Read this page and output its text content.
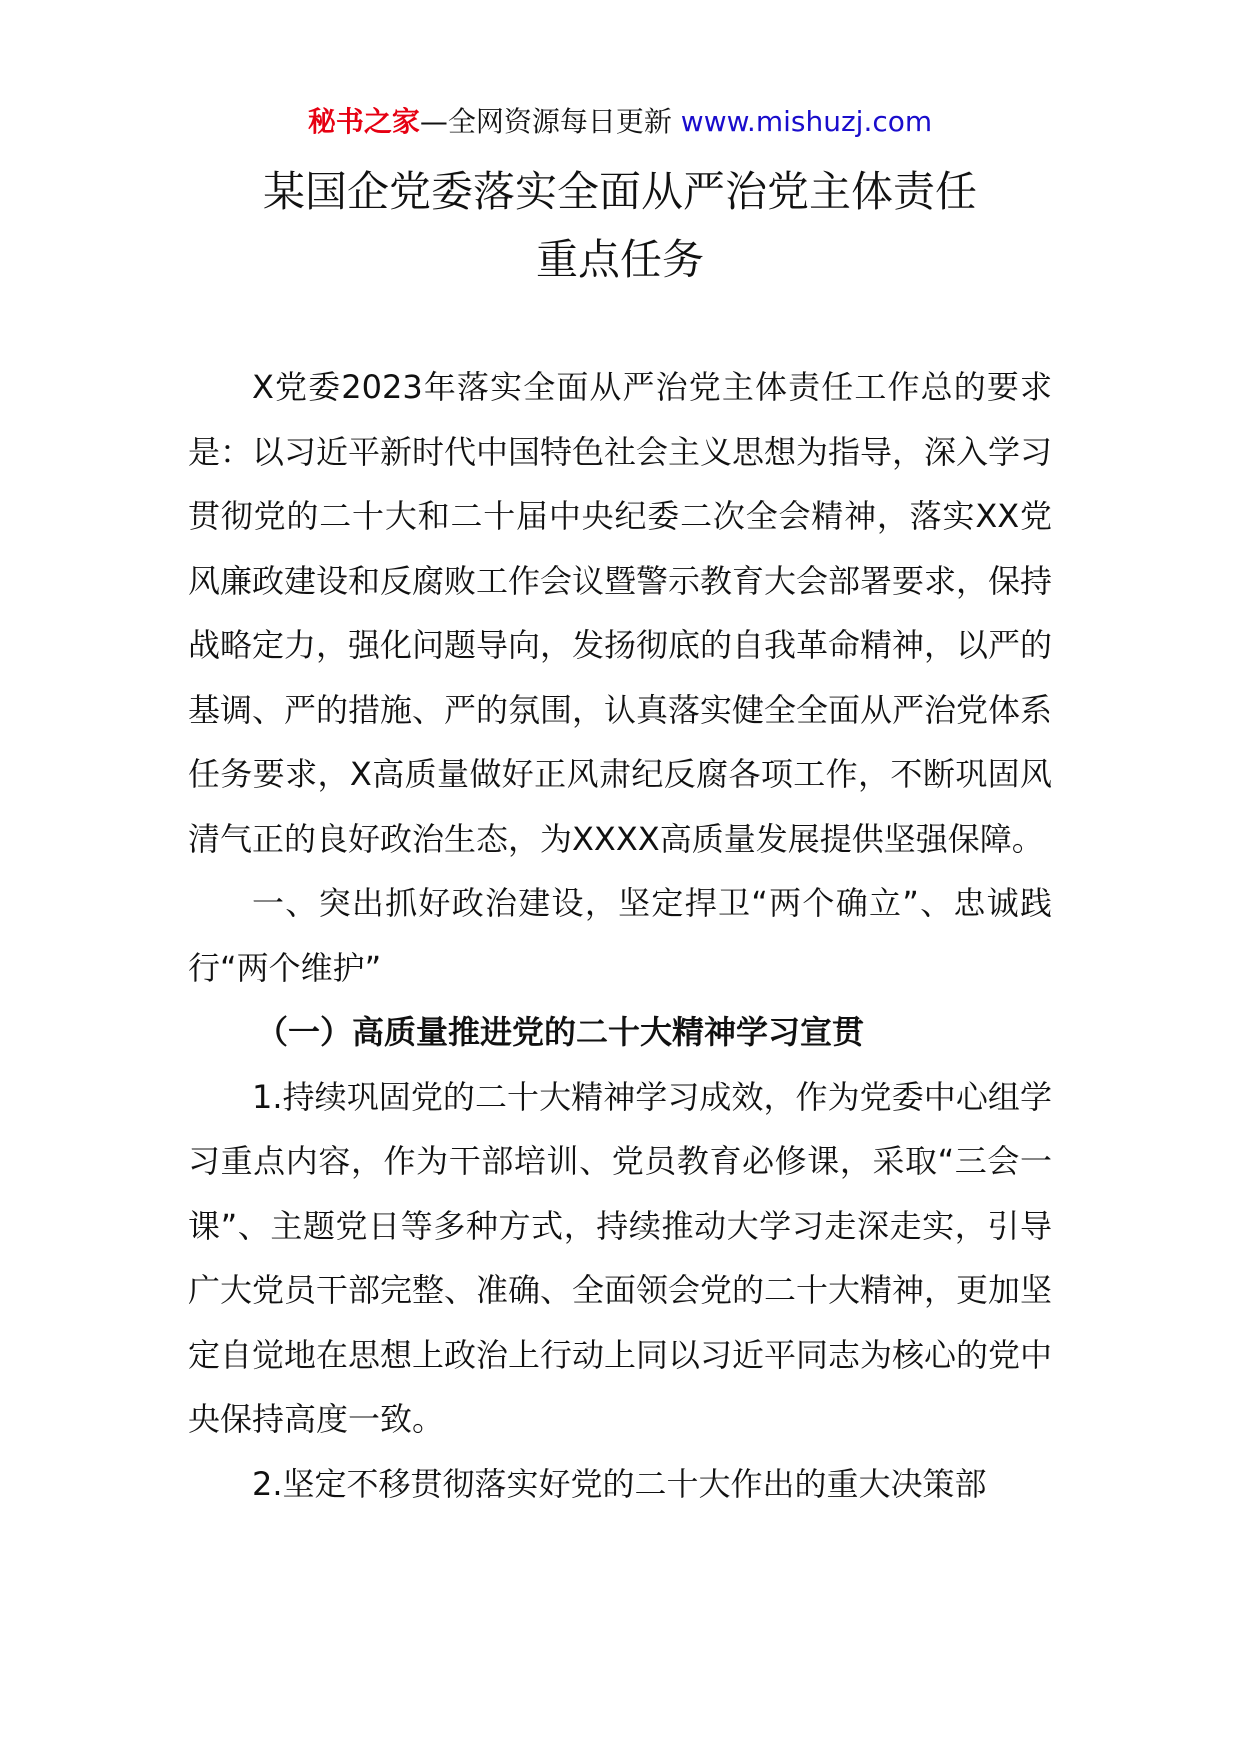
秘书之家—全网资源每日更新 www.mishuzj.com
某国企党委落实全面从严治党主体责任
重点任务

X党委2023年落实全面从严治党主体责任工作总的要求是：以习近平新时代中国特色社会主义思想为指导，深入学习贯彻党的二十大和二十届中央纪委二次全会精神，落实XX党风廉政建设和反腐败工作会议暨警示教育大会部署要求，保持战略定力，强化问题导向，发扬彻底的自我革命精神，以严的基调、严的措施、严的氛围，认真落实健全全面从严治党体系任务要求，X高质量做好正风肃纪反腐各项工作，不断巩固风清气正的良好政治生态，为XXXX高质量发展提供坚强保障。

一、突出抓好政治建设，坚定捍卫“两个确立”、忠诚践行“两个维护”

（一）高质量推进党的二十大精神学习宣贯

1.持续巩固党的二十大精神学习成效，作为党委中心组学习重点内容，作为干部培训、党员教育必修课，采取“三会一课”、主题党日等多种方式，持续推动大学习走深走实，引导广大党员干部完整、准确、全面领会党的二十大精神，更加坚定自觉地在思想上政治上行动上同以习近平同志为核心的党中央保持高度一致。

2.坚定不移贯彻落实好党的二十大作出的重大决策部
